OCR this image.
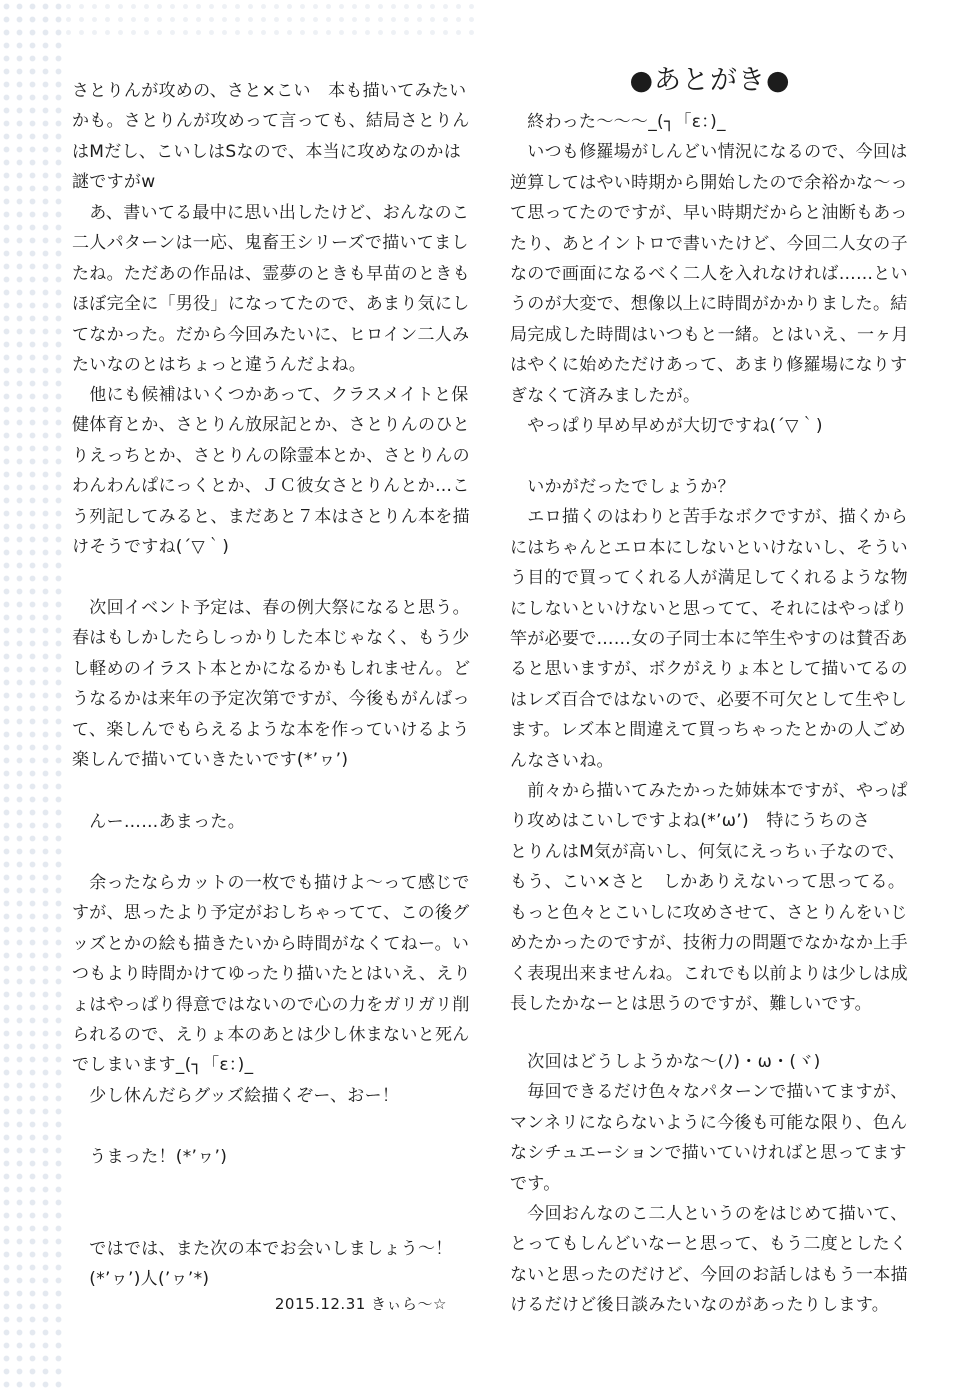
さとりんが攻めの、さと×こい　本も描いてみたい
かも。さとりんが攻めって言っても、結局さとりん
はMだし、こいしはSなので、本当に攻めなのかは
謎ですがw

　あ、書いてる最中に思い出したけど、おんなのこ
二人パターンは一応、鬼畜王シリーズで描いてまし
たね。ただあの作品は、霊夢のときも早苗のときも
ほぼ完全に「男役」になってたので、あまり気にし
てなかった。だから今回みたいに、ヒロイン二人み
たいなのとはちょっと違うんだよね。

　他にも候補はいくつかあって、クラスメイトと保
健体育とか、さとりん放尿記とか、さとりんのひと
りえっちとか、さとりんの除霊本とか、さとりんの
わんわんぱにっくとか、ＪＣ彼女さとりんとか…こ
う列記してみると、まだあと７本はさとりん本を描
けそうですね(´▽｀)

　次回イベント予定は、春の例大祭になると思う。
春はもしかしたらしっかりした本じゃなく、もう少
し軽めのイラスト本とかになるかもしれません。ど
うなるかは来年の予定次第ですが、今後もがんばっ
て、楽しんでもらえるような本を作っていけるよう
楽しんで描いていきたいです(*’ヮ’)

　んー……あまった。

　余ったならカットの一枚でも描けよ～って感じで
すが、思ったより予定がおしちゃってて、この後グ
ッズとかの絵も描きたいから時間がなくてねー。い
つもより時間かけてゆったり描いたとはいえ、えり
ょはやっぱり得意ではないので心の力をガリガリ削
られるので、えりょ本のあとは少し休まないと死ん
でしまいます_(┐「ε：)_
　少し休んだらグッズ絵描くぞー、おー！

　うまった！(*’ヮ’)

　ではでは、また次の本でお会いしましょう～！
　(*’ヮ’)人(’ヮ’*)

2015.12.31 きぃら～☆
●あとがき●

　終わった～～～_(┐「ε：)_
　いつも修羅場がしんどい情況になるので、今回は
逆算してはやい時期から開始したので余裕かな～っ
て思ってたのですが、早い時期だからと油断もあっ
たり、あとイントロで書いたけど、今回二人女の子
なので画面になるべく二人を入れなければ……とい
うのが大変で、想像以上に時間がかかりました。結
局完成した時間はいつもと一緒。とはいえ、一ヶ月
はやくに始めただけあって、あまり修羅場になりす
ぎなくて済みましたが。
　やっぱり早め早めが大切ですね(´▽｀)

　いかがだったでしょうか？
　エロ描くのはわりと苦手なボクですが、描くから
にはちゃんとエロ本にしないといけないし、そうい
う目的で買ってくれる人が満足してくれるような物
にしないといけないと思ってて、それにはやっぱり
竿が必要で……女の子同士本に竿生やすのは賛否あ
ると思いますが、ボクがえりょ本として描いてるの
はレズ百合ではないので、必要不可欠として生やし
ます。レズ本と間違えて買っちゃったとかの人ごめ
んなさいね。
　前々から描いてみたかった姉妹本ですが、やっぱ
り攻めはこいしですよね(*’ω’)　特にうちのさ
とりんはM気が高いし、何気にえっちぃ子なので、
もう、こい×さと　しかありえないって思ってる。
もっと色々とこいしに攻めさせて、さとりんをいじ
めたかったのですが、技術力の問題でなかなか上手
く表現出来ませんね。これでも以前よりは少しは成
長したかなーとは思うのですが、難しいです。

　次回はどうしようかな～(ﾉ)・ω・(ヾ)
　毎回できるだけ色々なパターンで描いてますが、
マンネリにならないように今後も可能な限り、色ん
なシチュエーションで描いていければと思ってます
です。
　今回おんなのこ二人というのをはじめて描いて、
とってもしんどいなーと思って、もう二度としたく
ないと思ったのだけど、今回のお話しはもう一本描
けるだけど後日談みたいなのがあったりします。
